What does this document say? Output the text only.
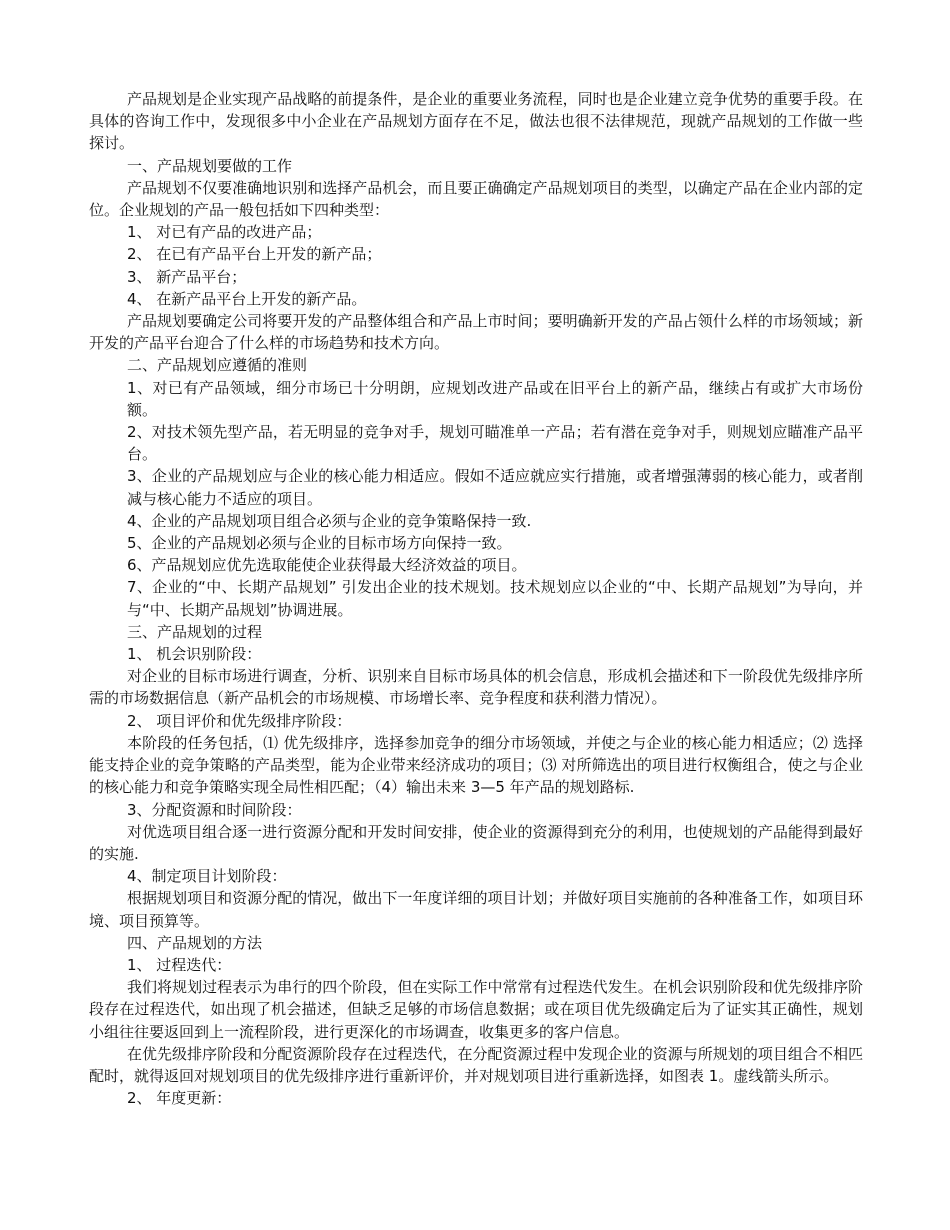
产品规划是企业实现产品战略的前提条件，是企业的重要业务流程，同时也是企业建立竞争优势的重要手段。在具体的咨询工作中，发现很多中小企业在产品规划方面存在不足，做法也很不法律规范，现就产品规划的工作做一些探讨。

一、产品规划要做的工作

产品规划不仅要准确地识别和选择产品机会，而且要正确确定产品规划项目的类型，以确定产品在企业内部的定位。企业规划的产品一般包括如下四种类型：

1、 对已有产品的改进产品；

2、 在已有产品平台上开发的新产品；

3、 新产品平台；

4、 在新产品平台上开发的新产品。

产品规划要确定公司将要开发的产品整体组合和产品上市时间；要明确新开发的产品占领什么样的市场领域；新开发的产品平台迎合了什么样的市场趋势和技术方向。

二、产品规划应遵循的准则

1、对已有产品领域，细分市场已十分明朗，应规划改进产品或在旧平台上的新产品，继续占有或扩大市场份额。

2、对技术领先型产品，若无明显的竞争对手，规划可瞄准单一产品；若有潜在竞争对手，则规划应瞄准产品平台。

3、企业的产品规划应与企业的核心能力相适应。假如不适应就应实行措施，或者增强薄弱的核心能力，或者削减与核心能力不适应的项目。

4、企业的产品规划项目组合必须与企业的竞争策略保持一致.

5、企业的产品规划必须与企业的目标市场方向保持一致。

6、产品规划应优先选取能使企业获得最大经济效益的项目。

7、企业的“中、长期产品规划” 引发出企业的技术规划。技术规划应以企业的“中、长期产品规划”为导向，并与“中、长期产品规划”协调进展。

三、产品规划的过程

1、 机会识别阶段：

对企业的目标市场进行调查，分析、识别来自目标市场具体的机会信息，形成机会描述和下一阶段优先级排序所需的市场数据信息（新产品机会的市场规模、市场增长率、竞争程度和获利潜力情况）。

2、 项目评价和优先级排序阶段：

本阶段的任务包括，⑴ 优先级排序，选择参加竞争的细分市场领域，并使之与企业的核心能力相适应；⑵ 选择能支持企业的竞争策略的产品类型，能为企业带来经济成功的项目；⑶ 对所筛选出的项目进行权衡组合，使之与企业的核心能力和竞争策略实现全局性相匹配；（4）输出未来 3—5 年产品的规划路标.

3、分配资源和时间阶段：

对优选项目组合逐一进行资源分配和开发时间安排，使企业的资源得到充分的利用，也使规划的产品能得到最好的实施.

4、制定项目计划阶段：

根据规划项目和资源分配的情况，做出下一年度详细的项目计划；并做好项目实施前的各种准备工作，如项目环境、项目预算等。

四、产品规划的方法

1、 过程迭代：

我们将规划过程表示为串行的四个阶段，但在实际工作中常常有过程迭代发生。在机会识别阶段和优先级排序阶段存在过程迭代，如出现了机会描述，但缺乏足够的市场信息数据；或在项目优先级确定后为了证实其正确性，规划小组往往要返回到上一流程阶段，进行更深化的市场调查，收集更多的客户信息。

在优先级排序阶段和分配资源阶段存在过程迭代，在分配资源过程中发现企业的资源与所规划的项目组合不相匹配时，就得返回对规划项目的优先级排序进行重新评价，并对规划项目进行重新选择，如图表 1。虚线箭头所示。

2、 年度更新：
